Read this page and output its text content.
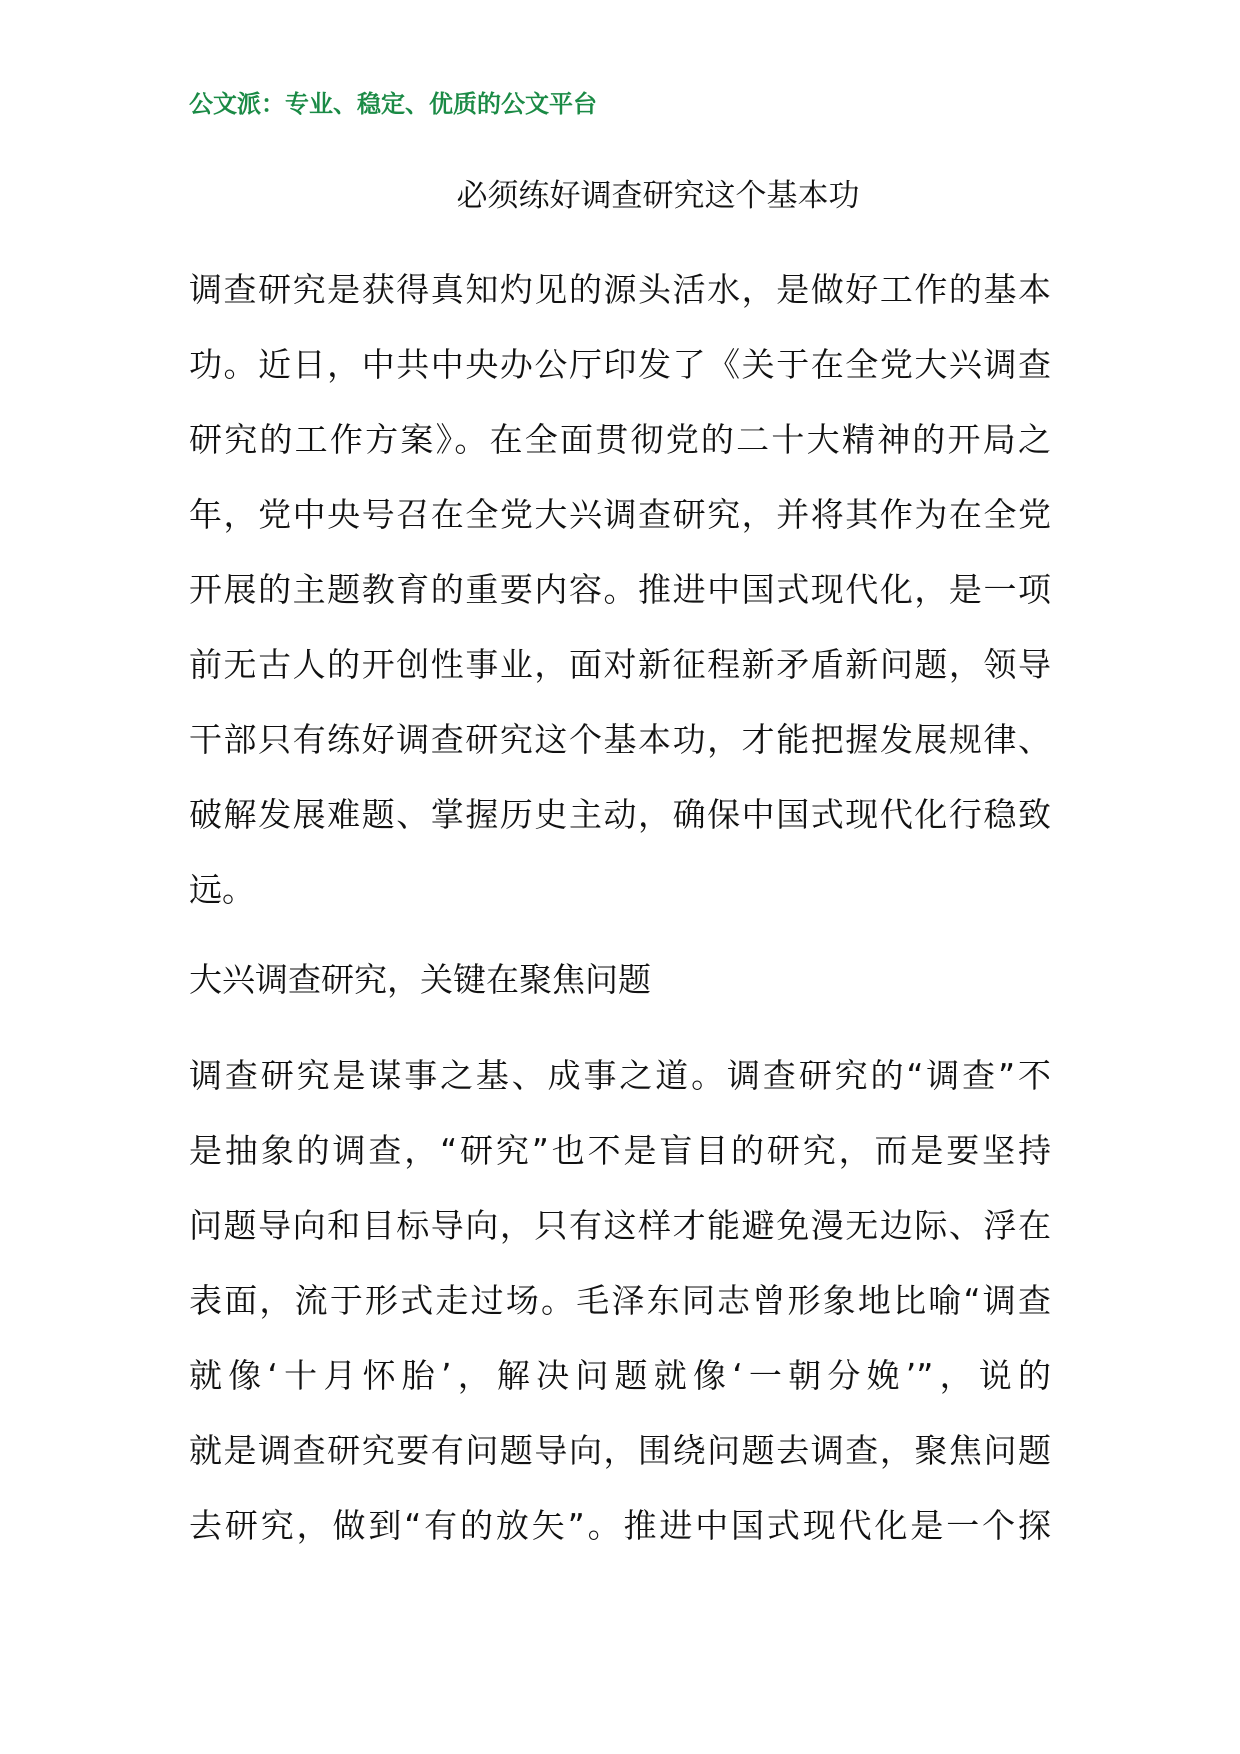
公文派：专业、稳定、优质的公文平台
必须练好调查研究这个基本功
调查研究是获得真知灼见的源头活水，是做好工作的基本
功。近日，中共中央办公厅印发了《关于在全党大兴调查
研究的工作方案》。在全面贯彻党的二十大精神的开局之
年，党中央号召在全党大兴调查研究，并将其作为在全党
开展的主题教育的重要内容。推进中国式现代化，是一项
前无古人的开创性事业，面对新征程新矛盾新问题，领导
干部只有练好调查研究这个基本功，才能把握发展规律、
破解发展难题、掌握历史主动，确保中国式现代化行稳致
远。
大兴调查研究，关键在聚焦问题
调查研究是谋事之基、成事之道。调查研究的“调查”不
是抽象的调查，“研究”也不是盲目的研究，而是要坚持
问题导向和目标导向，只有这样才能避免漫无边际、浮在
表面，流于形式走过场。毛泽东同志曾形象地比喻“调查
就像‘十月怀胎’，解决问题就像‘一朝分娩’”，说的
就是调查研究要有问题导向，围绕问题去调查，聚焦问题
去研究，做到“有的放矢”。推进中国式现代化是一个探
